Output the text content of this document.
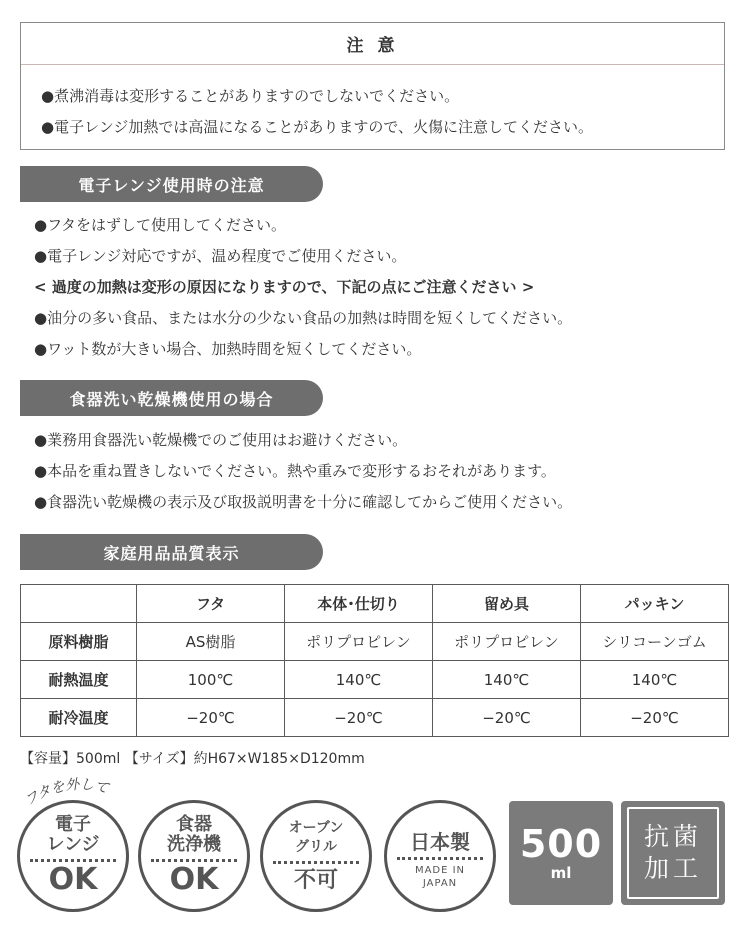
注 意

●煮沸消毒は変形することがありますのでしないでください。

●電子レンジ加熱では高温になることがありますので、火傷に注意してください。

電子レンジ使用時の注意

●フタをはずして使用してください。

●電子レンジ対応ですが、温め程度でご使用ください。

< 過度の加熱は変形の原因になりますので、下記の点にご注意ください >

●油分の多い食品、または水分の少ない食品の加熱は時間を短くしてください。

●ワット数が大きい場合、加熱時間を短くしてください。

食器洗い乾燥機使用の場合

●業務用食器洗い乾燥機でのご使用はお避けください。

●本品を重ね置きしないでください。熱や重みで変形するおそれがあります。

●食器洗い乾燥機の表示及び取扱説明書を十分に確認してからご使用ください。

家庭用品品質表示
	フタ	本体･仕切り	留め具	パッキン
原料樹脂	AS樹脂	ポリプロピレン	ポリプロピレン	シリコーンゴム
耐熱温度	100℃	140℃	140℃	140℃
耐冷温度	−20℃	−20℃	−20℃	−20℃
【容量】500ml 【サイズ】約H67×W185×D120mm
フタを外して
電子
レンジ
OK
食器
洗浄機
OK
オーブン
グリル
不可
日本製
MADE IN
JAPAN
500
ml
抗菌
加工
